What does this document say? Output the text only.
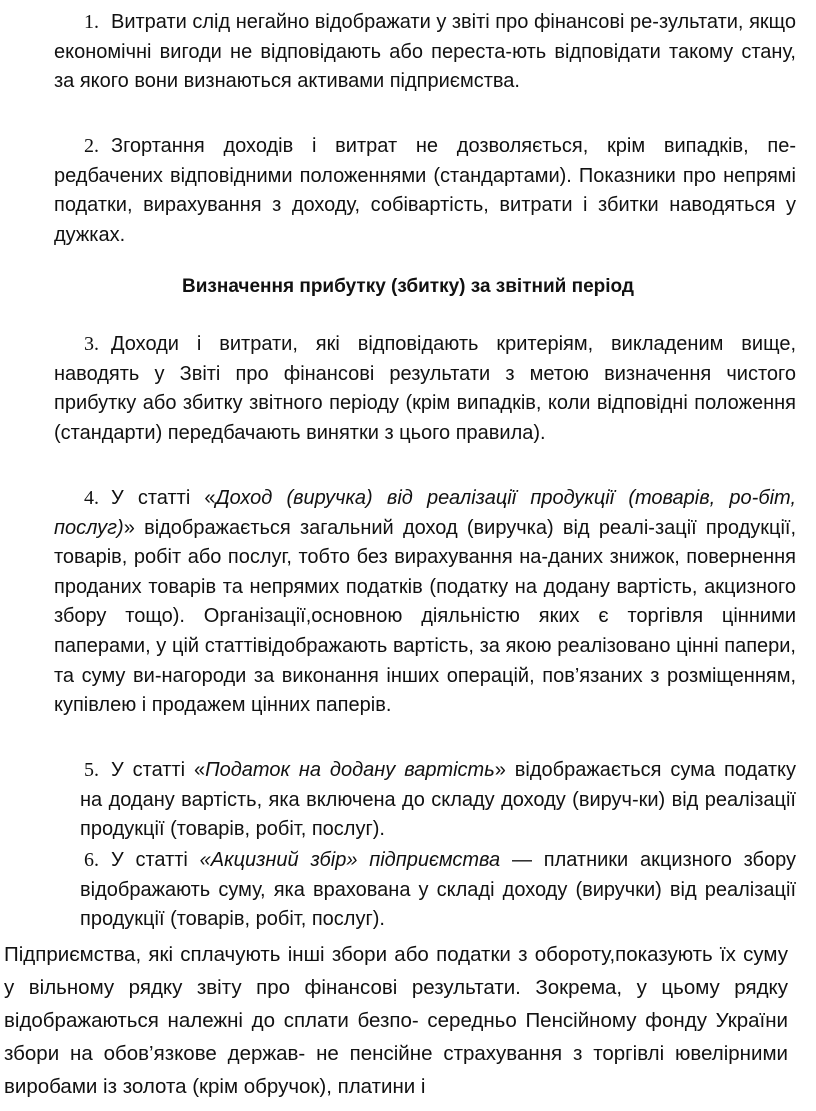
1. Витрати слід негайно відображати у звіті про фінансові ре-зультати, якщо економічні вигоди не відповідають або переста-ють відповідати такому стану, за якого вони визнаються активами підприємства.

2. Згортання доходів і витрат не дозволяється, крім випадків, пе-редбачених відповідними положеннями (стандартами). Показники про непрямі податки, вирахування з доходу, собівартість, витрати і збитки наводяться у дужках.

Визначення прибутку (збитку) за звітний період

3. Доходи і витрати, які відповідають критеріям, викладеним вище, наводять у Звіті про фінансові результати з метою визначення чистого прибутку або збитку звітного періоду (крім випадків, коли відповідні положення (стандарти) передбачають винятки з цього правила).

4. У статті «Доход (виручка) від реалізації продукції (товарів, ро-біт, послуг)» відображається загальний доход (виручка) від реалі-зації продукції, товарів, робіт або послуг, тобто без вирахування на-даних знижок, повернення проданих товарів та непрямих податків (податку на додану вартість, акцизного збору тощо). Організації,основною діяльністю яких є торгівля цінними паперами, у цій статтівідображають вартість, за якою реалізовано цінні папери, та суму ви-нагороди за виконання інших операцій, пов’язаних з розміщенням, купівлею і продажем цінних паперів.

5. У статті «Податок на додану вартість» відображається сума податку на додану вартість, яка включена до складу доходу (вируч-ки) від реалізації продукції (товарів, робіт, послуг).

6. У статті «Акцизний збір» підприємства — платники акцизного збору відображають суму, яка врахована у складі доходу (виручки) від реалізації продукції (товарів, робіт, послуг).

Підприємства, які сплачують інші збори або податки з обороту,показують їх суму у вільному рядку звіту про фінансові результати. Зокрема, у цьому рядку відображаються належні до сплати безпо- середньо Пенсійному фонду України збори на обов’язкове держав- не пенсійне страхування з торгівлі ювелірними виробами із золота (крім обручок), платини і
